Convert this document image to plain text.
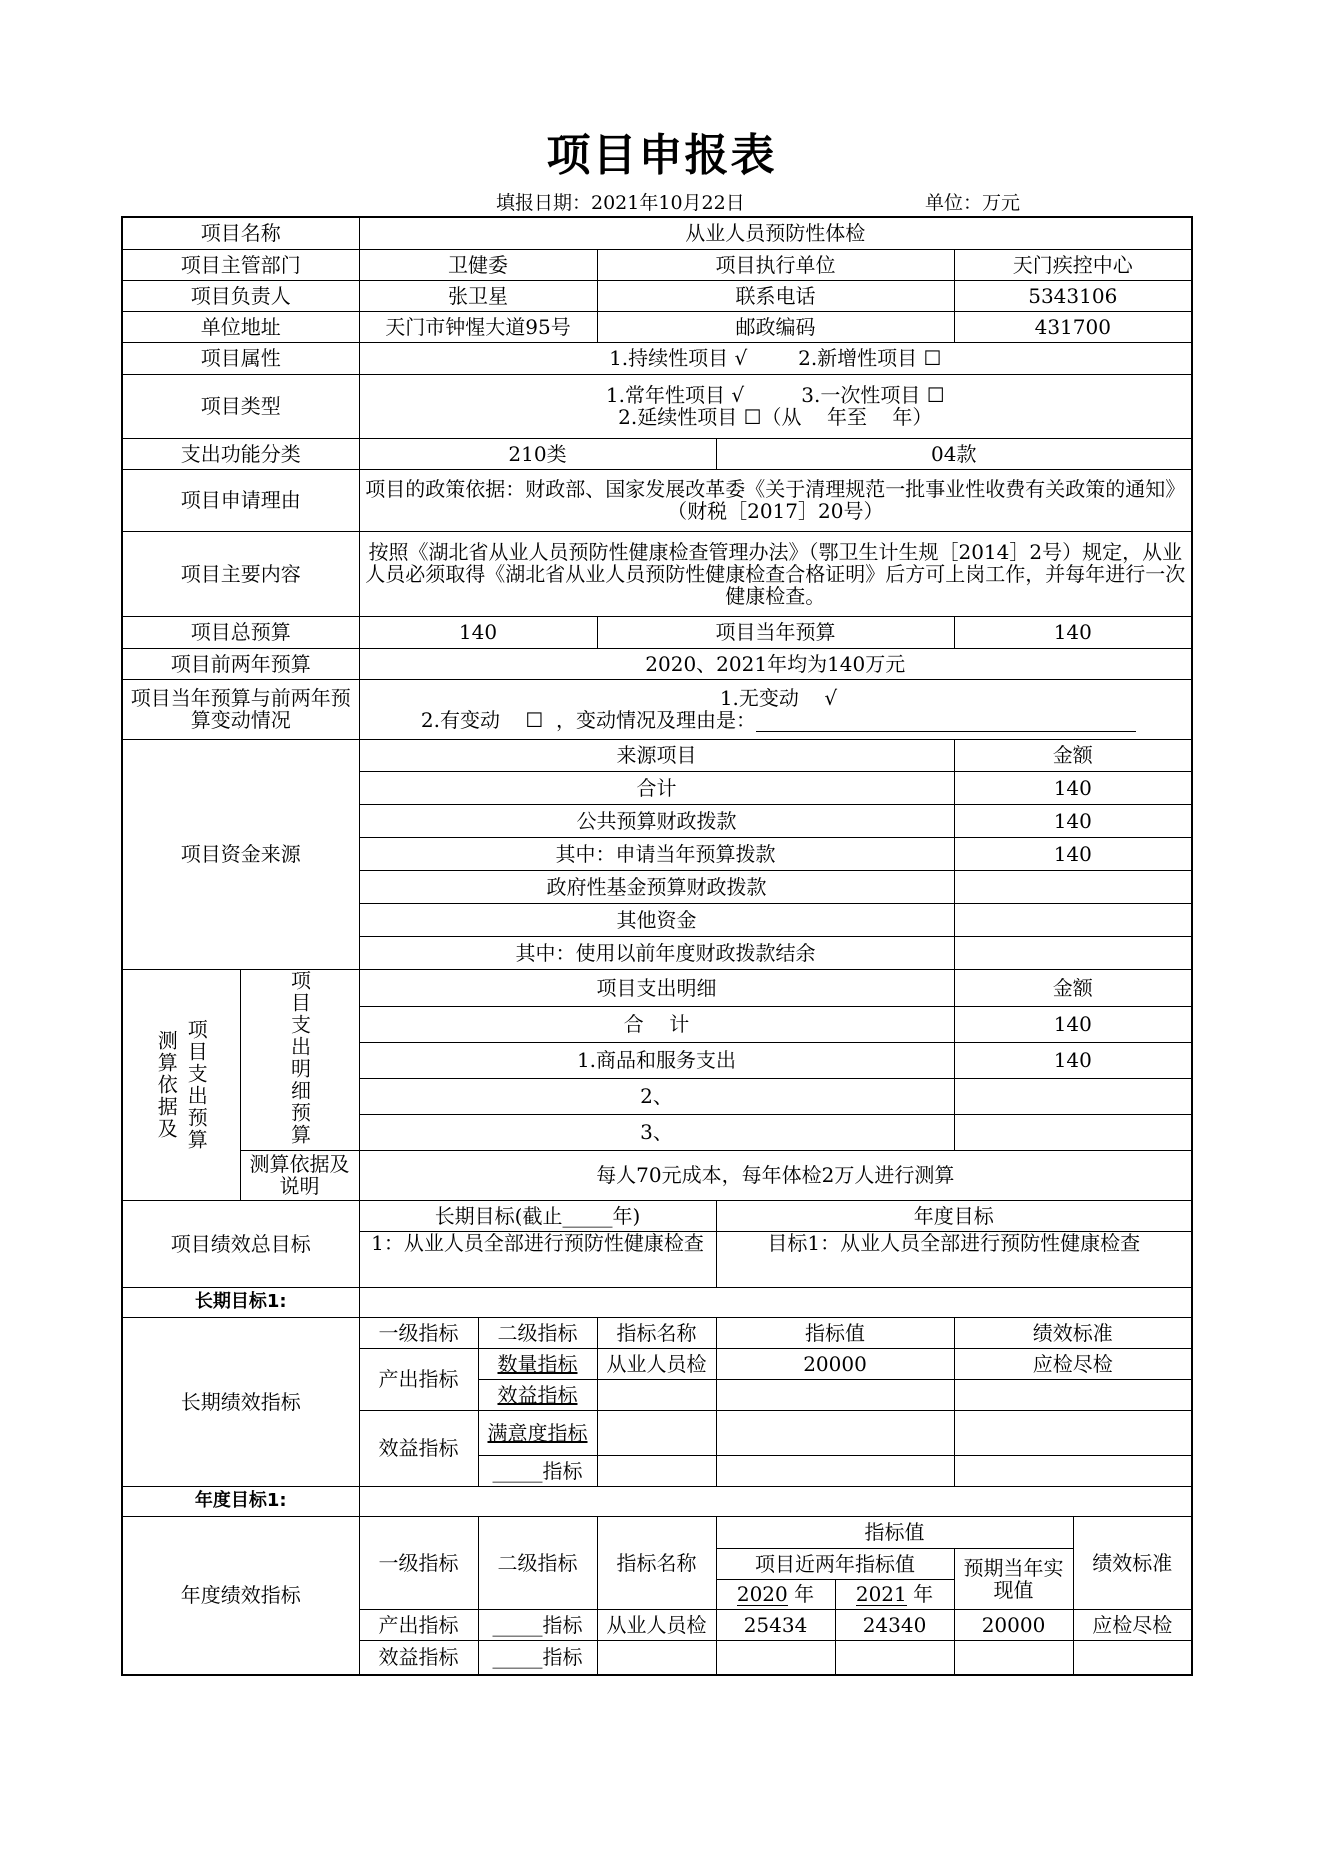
项目申报表
填报日期：2021年10月22日	单位：万元
项目名称		从业人员预防性体检						
项目主管部门		卫健委		项目执行单位			天门疾控中心	
项目负责人		张卫星		联系电话			5343106	
单位地址		天门市钟惺大道95号		邮政编码			431700	
项目属性		1.持续性项目 √        2.新增性项目 ☐						
项目类型		1.常年性项目 √         3.一次性项目 ☐
2.延续性项目 ☐（从    年至    年）						

支出功能分类		210类			04款			
项目申请理由		项目的政策依据：财政部、国家发展改革委《关于清理规范一批事业性收费有关政策的通知》（财税［2017］20号）						
项目主要内容		按照《湖北省从业人员预防性健康检查管理办法》（鄂卫生计生规［2014］2号）规定，从业人员必须取得《湖北省从业人员预防性健康检查合格证明》后方可上岗工作，并每年进行一次健康检查。						
项目总预算		140		项目当年预算			140	
项目前两年预算		2020、2021年均为140万元						
项目当年预算与前两年预算变动情况		1.无变动    √
2.有变动    ☐  ，变动情况及理由是：						

项目资金来源		来源项目					金额	
		合计					140	
		公共预算财政拨款					140	
		其中：申请当年预算拨款					140	
		政府性基金预算财政拨款						
		其他资金						
		其中：使用以前年度财政拨款结余						

测算依据及 项目支出预算	项目支出明细预算	项目支出明细					金额	
		合    计					140	
		1.商品和服务支出					140	
		2、						
		3、						
	测算依据及说明	每人70元成本，每年体检2万人进行测算						
项目绩效总目标		长期目标(截止_____年)			年度目标			
		1：从业人员全部进行预防性健康检查			目标1：从业人员全部进行预防性健康检查			
长期目标1:								
长期绩效指标		一级指标	二级指标	指标名称	指标值		绩效标准	
		产出指标	数量指标	从业人员检	20000		应检尽检	
			效益指标					
		效益指标	满意度指标					
			_____指标					
年度目标1:								
年度绩效指标		一级指标	二级指标	指标名称	指标值			绩效标准
					项目近两年指标值		预期当年实现值	
					2020 年	2021 年		
		产出指标	_____指标	从业人员检	25434	24340	20000	应检尽检
		效益指标	_____指标					
